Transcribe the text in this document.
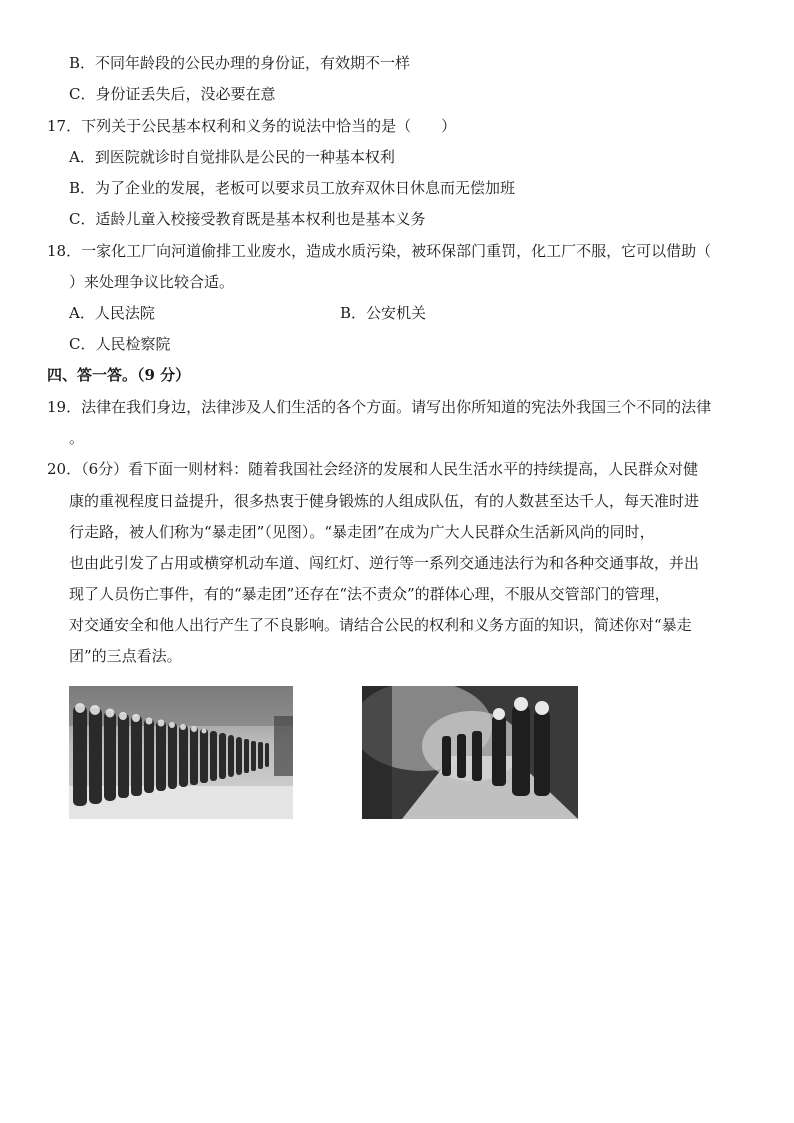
B．不同年龄段的公民办理的身份证，有效期不一样
C．身份证丢失后，没必要在意
17．下列关于公民基本权利和义务的说法中恰当的是（　　）
A．到医院就诊时自觉排队是公民的一种基本权利
B．为了企业的发展，老板可以要求员工放弃双休日休息而无偿加班
C．适龄儿童入校接受教育既是基本权利也是基本义务
18．一家化工厂向河道偷排工业废水，造成水质污染，被环保部门重罚，化工厂不服，它可以借助（
）来处理争议比较合适。
A．人民法院	B．公安机关
C．人民检察院
四、答一答。（9 分）
19．法律在我们身边，法律涉及人们生活的各个方面。请写出你所知道的宪法外我国三个不同的法律
。
20．（6分）看下面一则材料：随着我国社会经济的发展和人民生活水平的持续提高，人民群众对健
康的重视程度日益提升，很多热衷于健身锻炼的人组成队伍，有的人数甚至达千人，每天准时进
行走路，被人们称为“暴走团”（见图）。“暴走团”在成为广大人民群众生活新风尚的同时，
也由此引发了占用或横穿机动车道、闯红灯、逆行等一系列交通违法行为和各种交通事故，并出
现了人员伤亡事件，有的“暴走团”还存在“法不责众”的群体心理，不服从交管部门的管理，
对交通安全和他人出行产生了不良影响。请结合公民的权利和义务方面的知识，简述你对“暴走
团”的三点看法。
